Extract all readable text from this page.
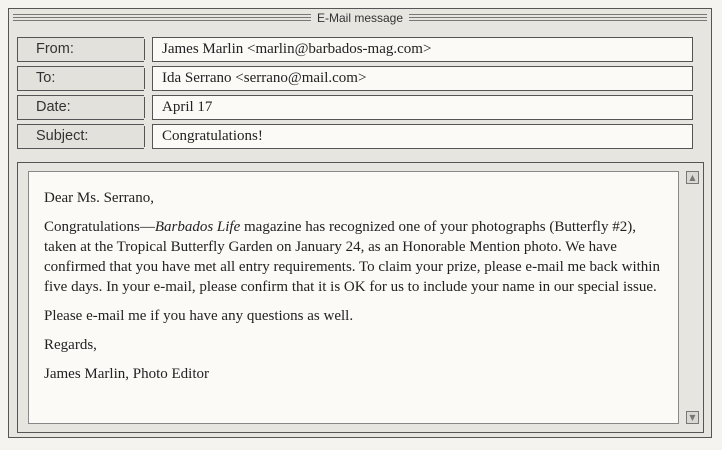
E-Mail message
From:	James Marlin <marlin@barbados-mag.com>
To:	Ida Serrano <serrano@mail.com>
Date:	April 17
Subject:	Congratulations!

Dear Ms. Serrano,

Congratulations—Barbados Life magazine has recognized one of your photographs (Butterfly #2), taken at the Tropical Butterfly Garden on January 24, as an Honorable Mention photo. We have confirmed that you have met all entry requirements. To claim your prize, please e-mail me back within five days. In your e-mail, please confirm that it is OK for us to include your name in our special issue.

Please e-mail me if you have any questions as well.

Regards,

James Marlin, Photo Editor

▲
▼
